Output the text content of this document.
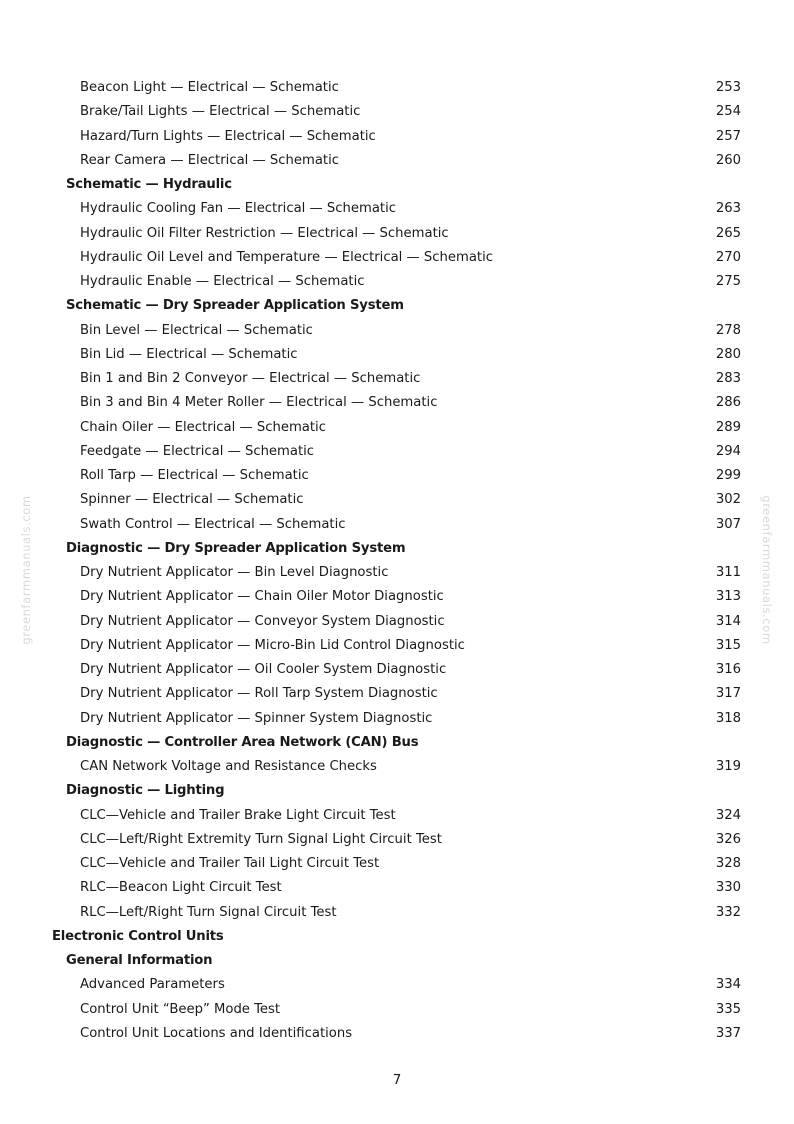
Beacon Light — Electrical — Schematic	253
Brake/Tail Lights — Electrical — Schematic	254
Hazard/Turn Lights — Electrical — Schematic	257
Rear Camera — Electrical — Schematic	260
Schematic — Hydraulic
Hydraulic Cooling Fan — Electrical — Schematic	263
Hydraulic Oil Filter Restriction — Electrical — Schematic	265
Hydraulic Oil Level and Temperature — Electrical — Schematic	270
Hydraulic Enable — Electrical — Schematic	275
Schematic — Dry Spreader Application System
Bin Level — Electrical — Schematic	278
Bin Lid — Electrical — Schematic	280
Bin 1 and Bin 2 Conveyor — Electrical — Schematic	283
Bin 3 and Bin 4 Meter Roller — Electrical — Schematic	286
Chain Oiler — Electrical — Schematic	289
Feedgate — Electrical — Schematic	294
Roll Tarp — Electrical — Schematic	299
Spinner — Electrical — Schematic	302
Swath Control — Electrical — Schematic	307
Diagnostic — Dry Spreader Application System
Dry Nutrient Applicator — Bin Level Diagnostic	311
Dry Nutrient Applicator — Chain Oiler Motor Diagnostic	313
Dry Nutrient Applicator — Conveyor System Diagnostic	314
Dry Nutrient Applicator — Micro-Bin Lid Control Diagnostic	315
Dry Nutrient Applicator — Oil Cooler System Diagnostic	316
Dry Nutrient Applicator — Roll Tarp System Diagnostic	317
Dry Nutrient Applicator — Spinner System Diagnostic	318
Diagnostic — Controller Area Network (CAN) Bus
CAN Network Voltage and Resistance Checks	319
Diagnostic — Lighting
CLC—Vehicle and Trailer Brake Light Circuit Test	324
CLC—Left/Right Extremity Turn Signal Light Circuit Test	326
CLC—Vehicle and Trailer Tail Light Circuit Test	328
RLC—Beacon Light Circuit Test	330
RLC—Left/Right Turn Signal Circuit Test	332
Electronic Control Units
General Information
Advanced Parameters	334
Control Unit “Beep” Mode Test	335
Control Unit Locations and Identifications	337
7
greenfarmmanuals.com	greenfarmmanuals.com
